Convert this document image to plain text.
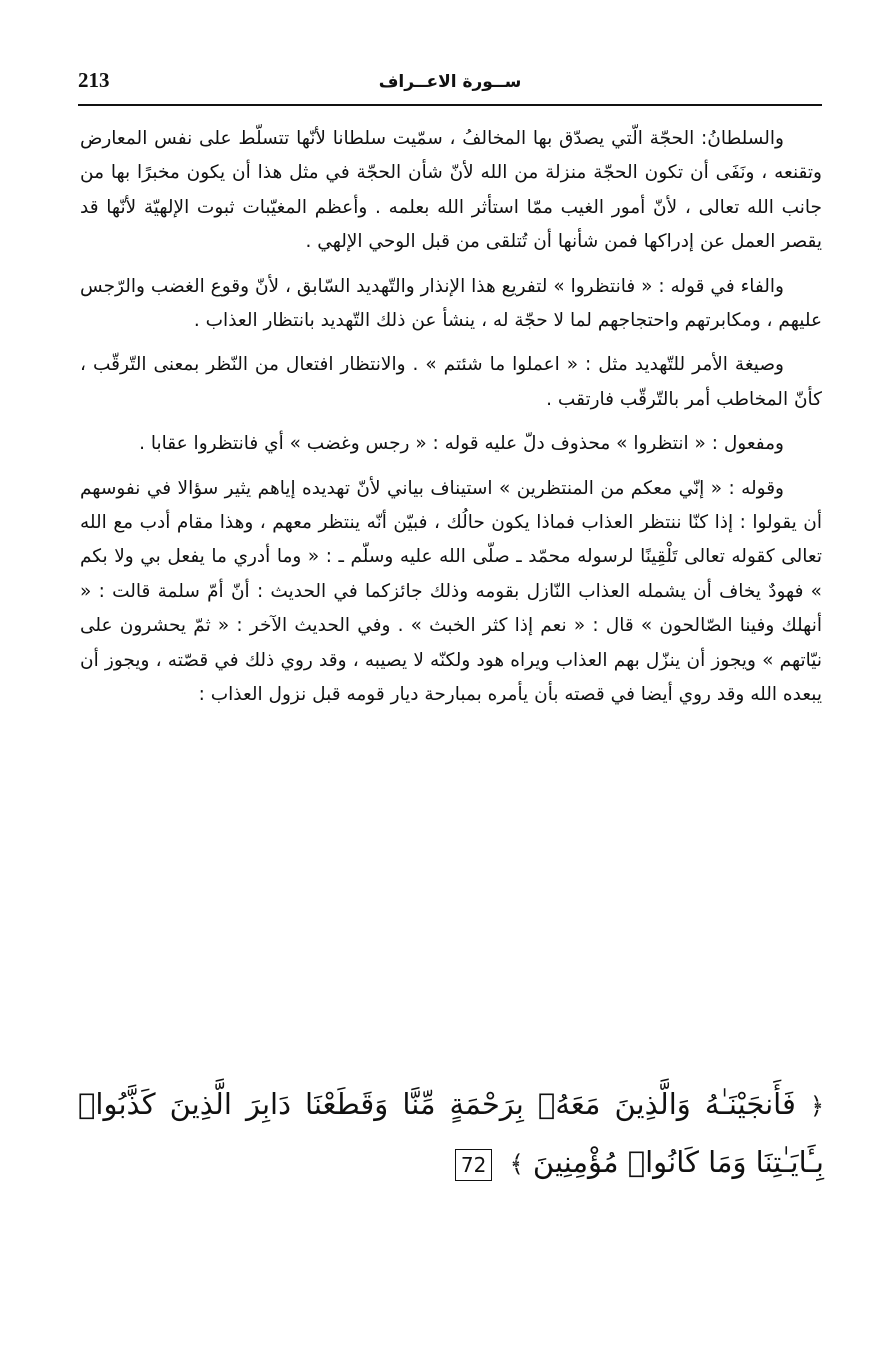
213	ســورة الاعــراف

والسلطانُ: الحجّة الّتي يصدّق بها المخالفُ ، سمّيت سلطانا لأنّها تتسلّط على نفس المعارض وتقنعه ، ونَفَى أن تكون الحجّة منزلة من الله لأنّ شأن الحجّة في مثل هذا أن يكون مخبرًا بها من جانب الله تعالى ، لأنّ أمور الغيب ممّا استأثر الله بعلمه . وأعظم المغيّبات ثبوت الإلهيّة لأنّها قد يقصر العمل عن إدراكها فمن شأنها أن تُتلقى من قبل الوحي الإلهي .

والفاء في قوله : « فانتظروا » لتفريع هذا الإنذار والتّهديد السّابق ، لأنّ وقوع الغضب والرّجس عليهم ، ومكابرتهم واحتجاجهم لما لا حجّة له ، ينشأ عن ذلك التّهديد بانتظار العذاب .

وصيغة الأمر للتّهديد مثل : « اعملوا ما شئتم » . والانتظار افتعال من النّظر بمعنى التّرقّب ، كأنّ المخاطب أمر بالتّرقّب فارتقب .

ومفعول : « انتظروا » محذوف دلّ عليه قوله : « رجس وغضب » أي فانتظروا عقابا .

وقوله : « إنّي معكم من المنتظرين » استيناف بياني لأنّ تهديده إياهم يثير سؤالا في نفوسهم أن يقولوا : إذا كنّا ننتظر العذاب فماذا يكون حالُك ، فبيّن أنّه ينتظر معهم ، وهذا مقام أدب مع الله تعالى كقوله تعالى تَلْقِينًا لرسوله محمّد ـ صلّى الله عليه وسلّم ـ : « وما أدري ما يفعل بي ولا بكم » فهودٌ يخاف أن يشمله العذاب النّازل بقومه وذلك جائزكما في الحديث : أنّ أمّ سلمة قالت : « أنهلك وفينا الصّالحون » قال : « نعم إذا كثر الخبث » . وفي الحديث الآخر : « ثمّ يحشرون على نيّاتهم » ويجوز أن ينزّل بهم العذاب ويراه هود ولكنّه لا يصيبه ، وقد روي ذلك في قصّته ، ويجوز أن يبعده الله وقد روي أيضا في قصته بأن يأمره بمبارحة ديار قومه قبل نزول العذاب :

﴿ فَأَنجَيْنَـٰهُ وَالَّذِينَ مَعَهُۥ بِرَحْمَةٍ مِّنَّا وَقَطَعْنَا دَابِرَ الَّذِينَ كَذَّبُوا۟ بِـَٔايَـٰتِنَا وَمَا كَانُوا۟ مُؤْمِنِينَ ﴾ 72
